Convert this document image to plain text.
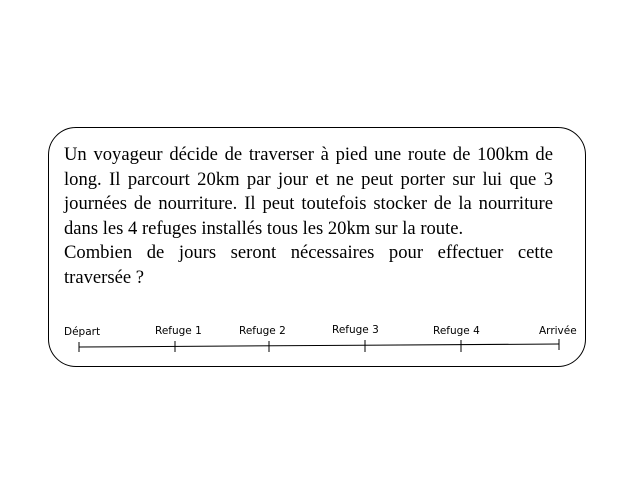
Un voyageur décide de traverser à pied une route de 100km de long. Il parcourt 20km par jour et ne peut porter sur lui que 3 journées de nourriture. Il peut toutefois stocker de la nourriture dans les 4 refuges installés tous les 20km sur la route.

Combien de jours seront nécessaires pour effectuer cette traversée ?

Départ	Refuge 1	Refuge 2	Refuge 3	Refuge 4	Arrivée
